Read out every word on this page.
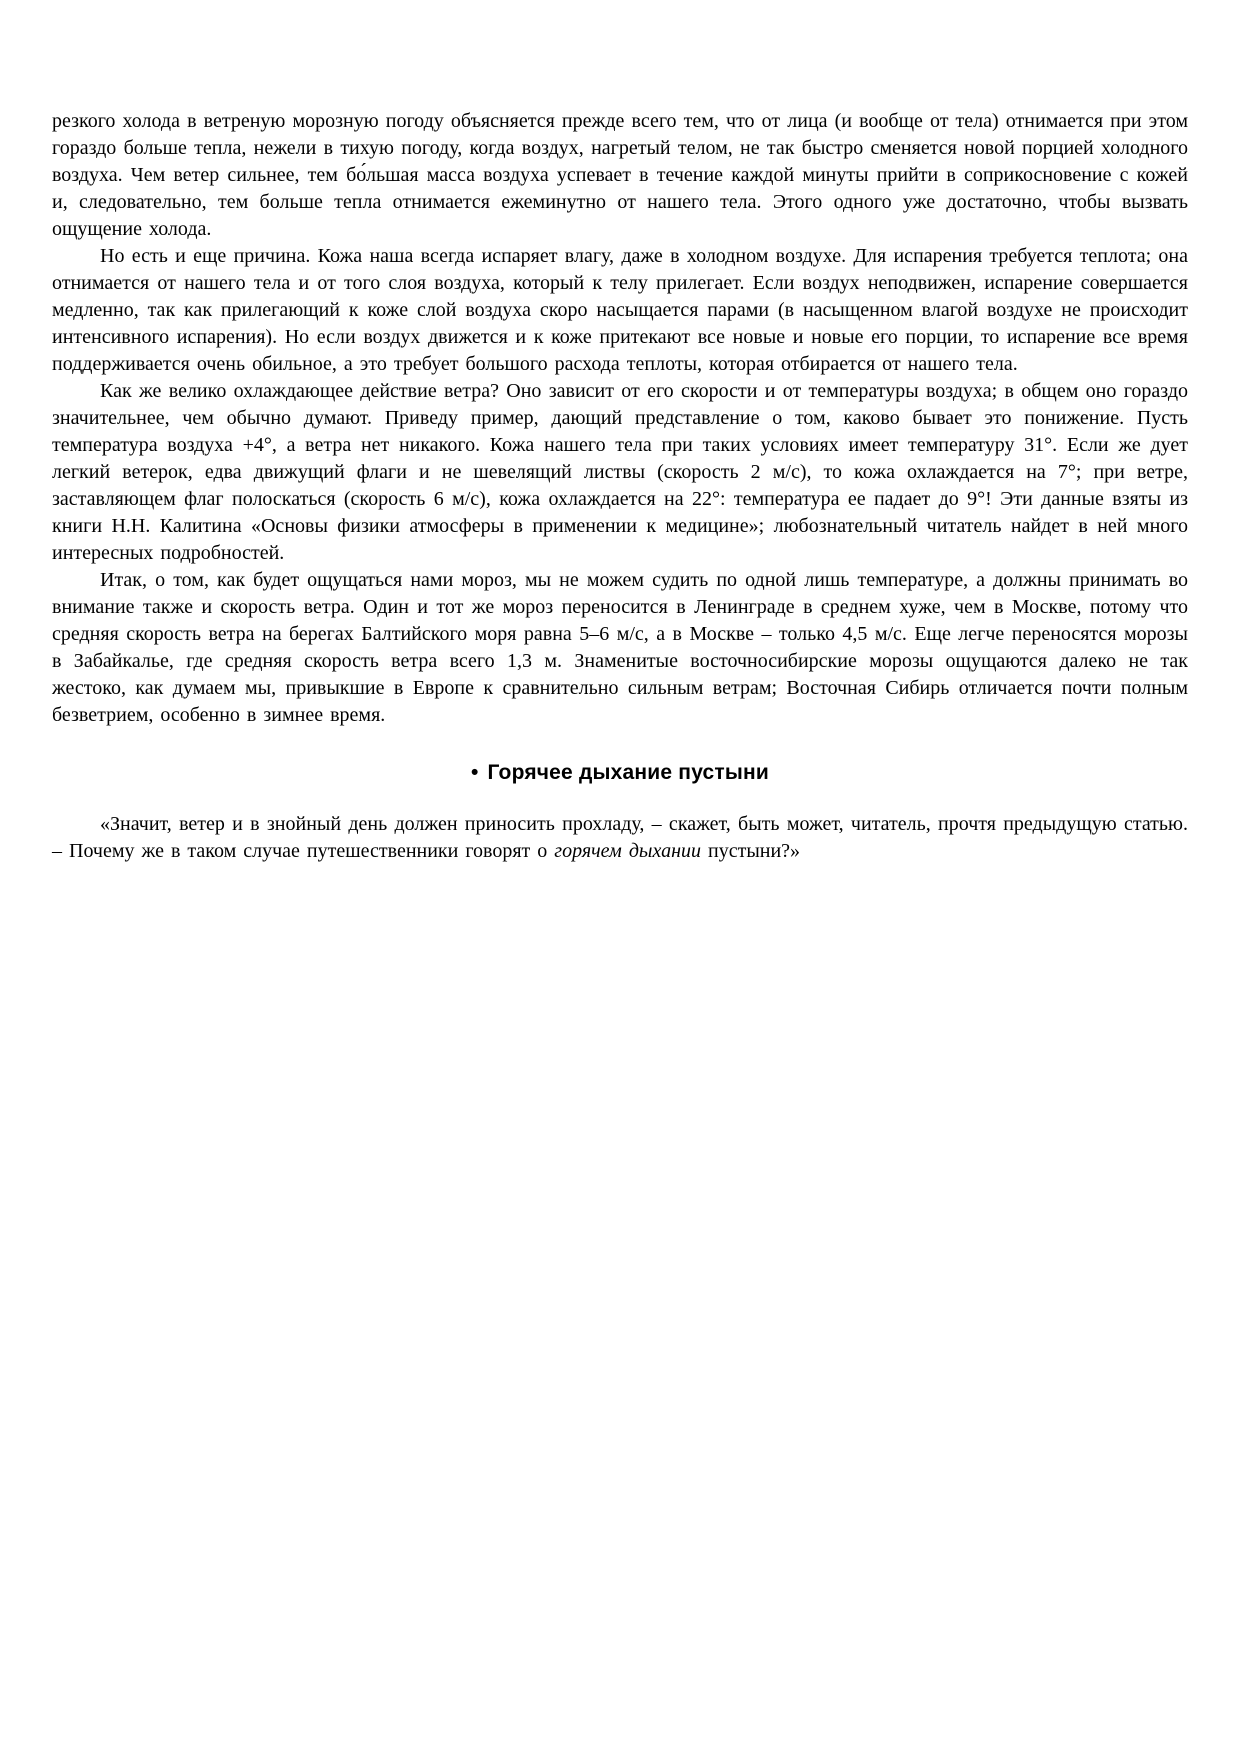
резкого холода в ветреную морозную погоду объясняется прежде всего тем, что от лица (и вообще от тела) отнимается при этом гораздо больше тепла, нежели в тихую погоду, когда воздух, нагретый телом, не так быстро сменяется новой порцией холодного воздуха. Чем ветер сильнее, тем бо́льшая масса воздуха успевает в течение каждой минуты прийти в соприкосновение с кожей и, следовательно, тем больше тепла отнимается ежеминутно от нашего тела. Этого одного уже достаточно, чтобы вызвать ощущение холода.

Но есть и еще причина. Кожа наша всегда испаряет влагу, даже в холодном воздухе. Для испарения требуется теплота; она отнимается от нашего тела и от того слоя воздуха, который к телу прилегает. Если воздух неподвижен, испарение совершается медленно, так как прилегающий к коже слой воздуха скоро насыщается парами (в насыщенном влагой воздухе не происходит интенсивного испарения). Но если воздух движется и к коже притекают все новые и новые его порции, то испарение все время поддерживается очень обильное, а это требует большого расхода теплоты, которая отбирается от нашего тела.

Как же велико охлаждающее действие ветра? Оно зависит от его скорости и от температуры воздуха; в общем оно гораздо значительнее, чем обычно думают. Приведу пример, дающий представление о том, каково бывает это понижение. Пусть температура воздуха +4°, а ветра нет никакого. Кожа нашего тела при таких условиях имеет температуру 31°. Если же дует легкий ветерок, едва движущий флаги и не шевелящий листвы (скорость 2 м/с), то кожа охлаждается на 7°; при ветре, заставляющем флаг полоскаться (скорость 6 м/с), кожа охлаждается на 22°: температура ее падает до 9°! Эти данные взяты из книги Н.Н. Калитина «Основы физики атмосферы в применении к медицине»; любознательный читатель найдет в ней много интересных подробностей.

Итак, о том, как будет ощущаться нами мороз, мы не можем судить по одной лишь температуре, а должны принимать во внимание также и скорость ветра. Один и тот же мороз переносится в Ленинграде в среднем хуже, чем в Москве, потому что средняя скорость ветра на берегах Балтийского моря равна 5–6 м/с, а в Москве – только 4,5 м/с. Еще легче переносятся морозы в Забайкалье, где средняя скорость ветра всего 1,3 м. Знаменитые восточносибирские морозы ощущаются далеко не так жестоко, как думаем мы, привыкшие в Европе к сравнительно сильным ветрам; Восточная Сибирь отличается почти полным безветрием, особенно в зимнее время.

• Горячее дыхание пустыни

«Значит, ветер и в знойный день должен приносить прохладу, – скажет, быть может, читатель, прочтя предыдущую статью. – Почему же в таком случае путешественники говорят о горячем дыхании пустыни?»
